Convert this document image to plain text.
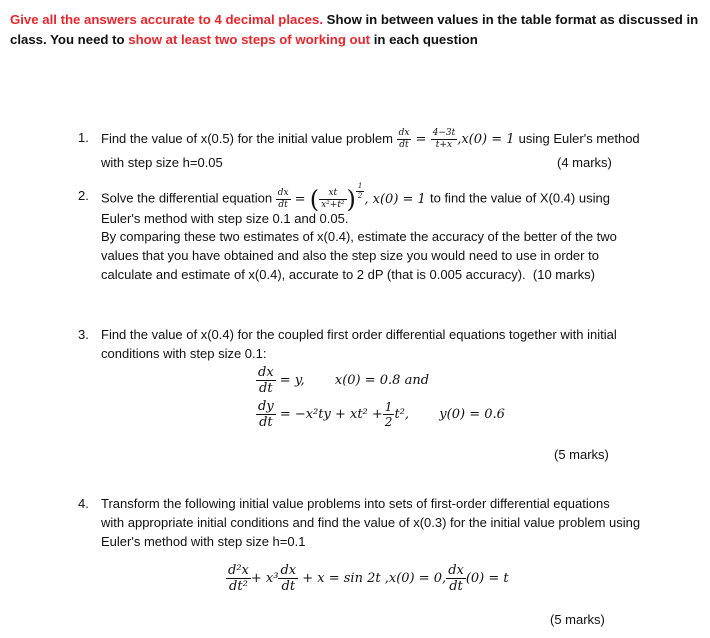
Give all the answers accurate to 4 decimal places. Show in between values in the table format as discussed in class. You need to show at least two steps of working out in each question
1. Find the value of x(0.5) for the initial value problem $\frac{dx}{dt} = \frac{4-3t}{t+x} ,x(0) = 1$ using Euler's method
with step size h=0.05	(4 marks)
2. Solve the differential equation $\frac{dx}{dt}$ = ( $\frac{xt}{\text{x²+t²}}$ ) $\frac{1}{2}$ , x(0) = 1 to find the value of X(0.4) using
Euler's method with step size 0.1 and 0.05.
By comparing these two estimates of x(0.4), estimate the accuracy of the better of the two
values that you have obtained and also the step size you would need to use in order to
calculate and estimate of x(0.4), accurate to 2 dP (that is 0.005 accuracy). (10 marks)
3. Find the value of x(0.4) for the coupled first order differential equations together with initial
conditions with step size 0.1:
$\frac{dx}{dt} = y$, x(0) = 0.8 and
$\frac{dy}{dt} = -x^2ty + xt^2 + \frac{1}{2} t^2$, y(0) = 0.6
(5 marks)
4. Transform the following initial value problems into sets of first-order differential equations
with appropriate initial conditions and find the value of x(0.3) for the initial value problem using
Euler's method with step size h=0.1
$\frac{\text{d²x}}{\text{dt²}} + x^3 \frac{dx}{dt} + x = \sin 2t$ ,x(0) = 0, $\frac{dx}{dt} (0) = t$
(5 marks)
